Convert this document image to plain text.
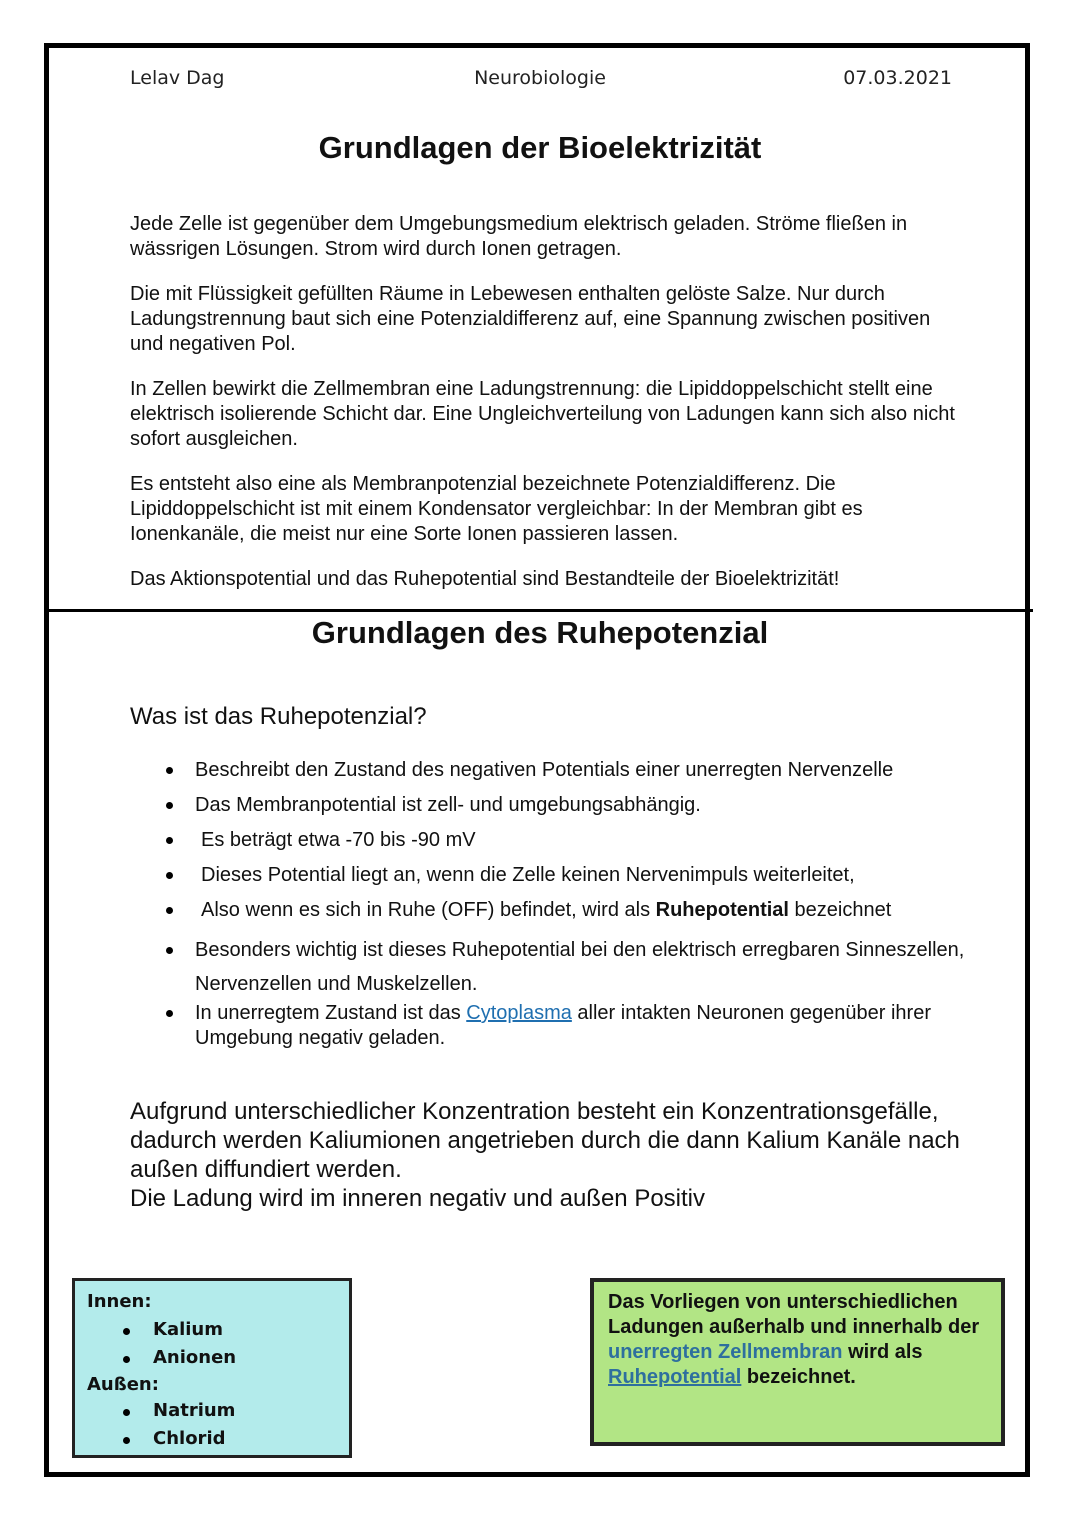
Lelav Dag	Neurobiologie	07.03.2021
Grundlagen der Bioelektrizität

Jede Zelle ist gegenüber dem Umgebungsmedium elektrisch geladen. Ströme fließen in wässrigen Lösungen. Strom wird durch Ionen getragen.

Die mit Flüssigkeit gefüllten Räume in Lebewesen enthalten gelöste Salze. Nur durch Ladungstrennung baut sich eine Potenzialdifferenz auf, eine Spannung zwischen positiven und negativen Pol.

In Zellen bewirkt die Zellmembran eine Ladungstrennung: die Lipiddoppelschicht stellt eine elektrisch isolierende Schicht dar. Eine Ungleichverteilung von Ladungen kann sich also nicht sofort ausgleichen.

Es entsteht also eine als Membranpotenzial bezeichnete Potenzialdifferenz. Die Lipiddoppelschicht ist mit einem Kondensator vergleichbar: In der Membran gibt es Ionenkanäle, die meist nur eine Sorte Ionen passieren lassen.

Das Aktionspotential und das Ruhepotential sind Bestandteile der Bioelektrizität!

Grundlagen des Ruhepotenzial
Was ist das Ruhepotenzial?
Beschreibt den Zustand des negativen Potentials einer unerregten Nervenzelle
Das Membranpotential ist zell- und umgebungsabhängig.
Es beträgt etwa -70 bis -90 mV
Dieses Potential liegt an, wenn die Zelle keinen Nervenimpuls weiterleitet,
Also wenn es sich in Ruhe (OFF) befindet, wird als Ruhepotential bezeichnet
Besonders wichtig ist dieses Ruhepotential bei den elektrisch erregbaren Sinneszellen, Nervenzellen und Muskelzellen.
In unerregtem Zustand ist das Cytoplasma aller intakten Neuronen gegenüber ihrer Umgebung negativ geladen.

Aufgrund unterschiedlicher Konzentration besteht ein Konzentrationsgefälle, dadurch werden Kaliumionen angetrieben durch die dann Kalium Kanäle nach außen diffundiert werden.
Die Ladung wird im inneren negativ und außen Positiv

Innen:
Kalium
Anionen
Außen:
Natrium
Chlorid
Das Vorliegen von unterschiedlichen Ladungen außerhalb und innerhalb der unerregten Zellmembran wird als Ruhepotential bezeichnet.
